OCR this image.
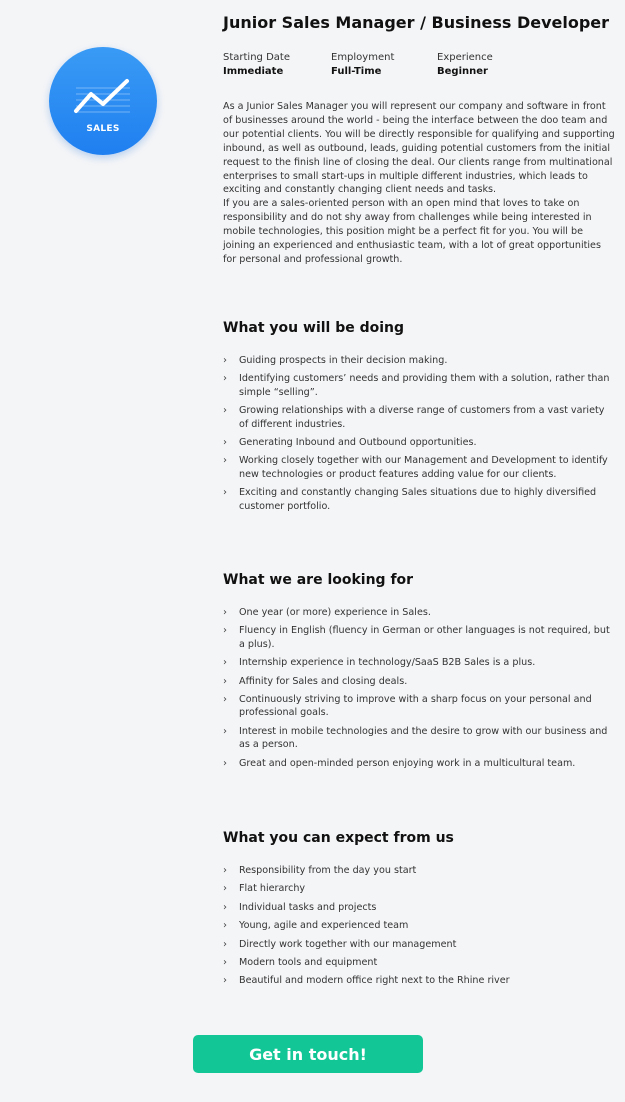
SALES
Junior Sales Manager / Business Developer
Starting Date
Immediate
Employment
Full-Time
Experience
Beginner

As a Junior Sales Manager you will represent our company and software in front of businesses around the world - being the interface between the doo team and our potential clients. You will be directly responsible for qualifying and supporting inbound, as well as outbound, leads, guiding potential customers from the initial request to the finish line of closing the deal. Our clients range from multinational enterprises to small start-ups in multiple different industries, which leads to exciting and constantly changing client needs and tasks.

If you are a sales-oriented person with an open mind that loves to take on responsibility and do not shy away from challenges while being interested in mobile technologies, this position might be a perfect fit for you. You will be joining an experienced and enthusiastic team, with a lot of great opportunities for personal and professional growth.

What you will be doing
› Guiding prospects in their decision making.
› Identifying customers’ needs and providing them with a solution, rather than simple “selling”.
› Growing relationships with a diverse range of customers from a vast variety of different industries.
› Generating Inbound and Outbound opportunities.
› Working closely together with our Management and Development to identify new technologies or product features adding value for our clients.
› Exciting and constantly changing Sales situations due to highly diversified customer portfolio.
What we are looking for
› One year (or more) experience in Sales.
› Fluency in English (fluency in German or other languages is not required, but a plus).
› Internship experience in technology/SaaS B2B Sales is a plus.
› Affinity for Sales and closing deals.
› Continuously striving to improve with a sharp focus on your personal and professional goals.
› Interest in mobile technologies and the desire to grow with our business and as a person.
› Great and open-minded person enjoying work in a multicultural team.
What you can expect from us
› Responsibility from the day you start
› Flat hierarchy
› Individual tasks and projects
› Young, agile and experienced team
› Directly work together with our management
› Modern tools and equipment
› Beautiful and modern office right next to the Rhine river
Get in touch!
